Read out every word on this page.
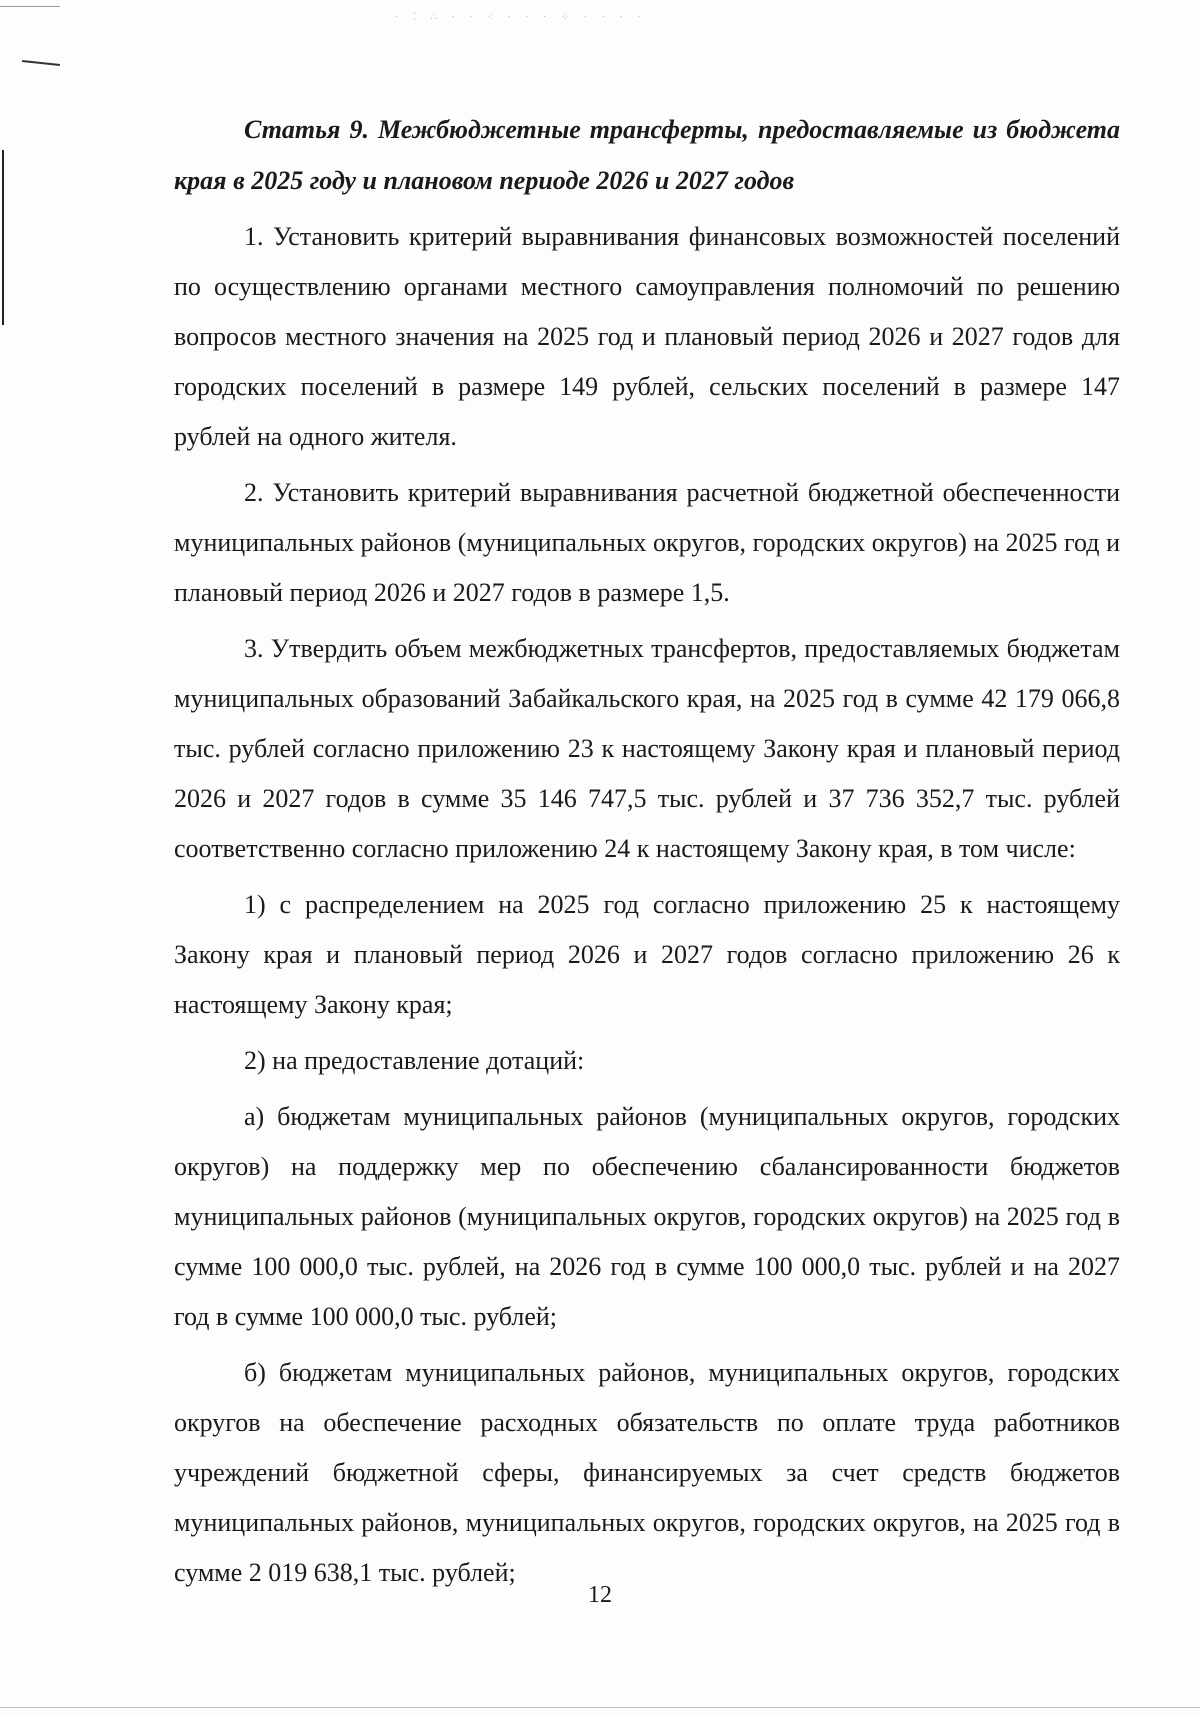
· ⁚ ∴ · · ⁖ · · · ⁘ · · · ·

Статья 9. Межбюджетные трансферты, предоставляемые из бюджета края в 2025 году и плановом периоде 2026 и 2027 годов

1. Установить критерий выравнивания финансовых возможностей поселений по осуществлению органами местного самоуправления полномочий по решению вопросов местного значения на 2025 год и плановый период 2026 и 2027 годов для городских поселений в размере 149 рублей, сельских поселений в размере 147 рублей на одного жителя.

2. Установить критерий выравнивания расчетной бюджетной обеспеченности муниципальных районов (муниципальных округов, городских округов) на 2025 год и плановый период 2026 и 2027 годов в размере 1,5.

3. Утвердить объем межбюджетных трансфертов, предоставляемых бюджетам муниципальных образований Забайкальского края, на 2025 год в сумме 42 179 066,8 тыс. рублей согласно приложению 23 к настоящему Закону края и плановый период 2026 и 2027 годов в сумме 35 146 747,5 тыс. рублей и 37 736 352,7 тыс. рублей соответственно согласно приложению 24 к настоящему Закону края, в том числе:

1) с распределением на 2025 год согласно приложению 25 к настоящему Закону края и плановый период 2026 и 2027 годов согласно приложению 26 к настоящему Закону края;

2) на предоставление дотаций:

а) бюджетам муниципальных районов (муниципальных округов, городских округов) на поддержку мер по обеспечению сбалансированности бюджетов муниципальных районов (муниципальных округов, городских округов) на 2025 год в сумме 100 000,0 тыс. рублей, на 2026 год в сумме 100 000,0 тыс. рублей и на 2027 год в сумме 100 000,0 тыс. рублей;

б) бюджетам муниципальных районов, муниципальных округов, городских округов на обеспечение расходных обязательств по оплате труда работников учреждений бюджетной сферы, финансируемых за счет средств бюджетов муниципальных районов, муниципальных округов, городских округов, на 2025 год в сумме 2 019 638,1 тыс. рублей;

12
